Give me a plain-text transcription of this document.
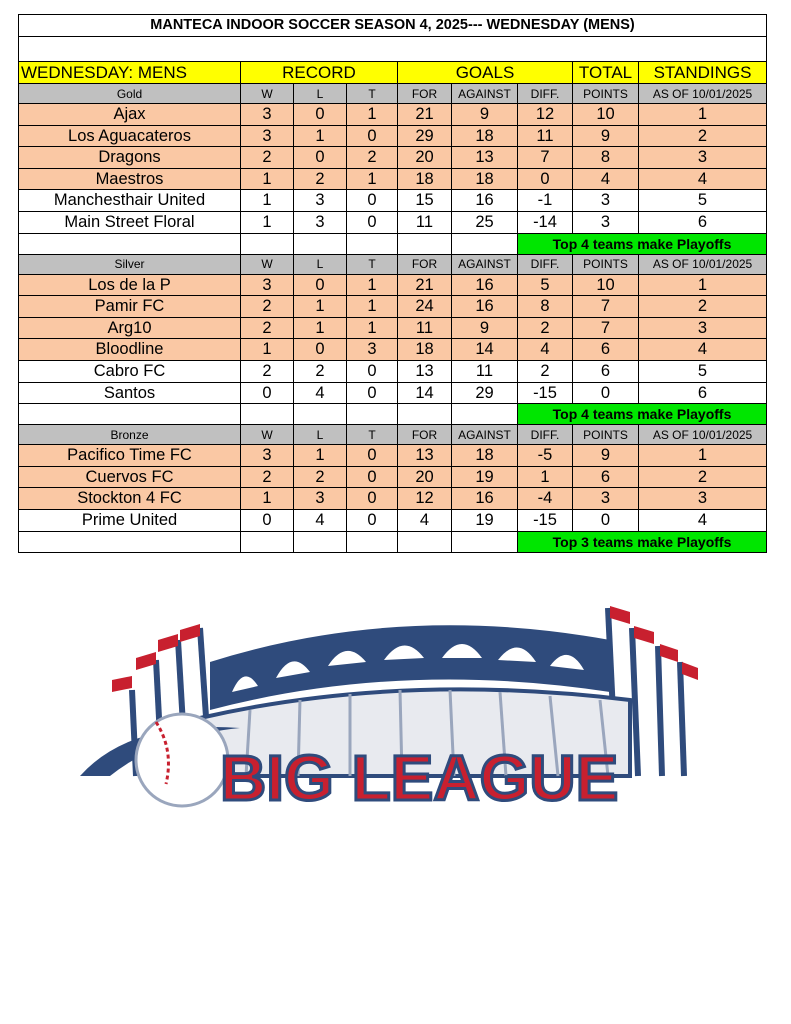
MANTECA INDOOR SOCCER SEASON 4, 2025--- WEDNESDAY (MENS)								

WEDNESDAY: MENS	RECORD			GOALS			TOTAL	STANDINGS
Gold	W	L	T	FOR	AGAINST	DIFF.	POINTS	AS OF 10/01/2025
Ajax	3	0	1	21	9	12	10	1
Los Aguacateros	3	1	0	29	18	11	9	2
Dragons	2	0	2	20	13	7	8	3
Maestros	1	2	1	18	18	0	4	4
Manchesthair United	1	3	0	15	16	-1	3	5
Main Street Floral	1	3	0	11	25	-14	3	6
						Top 4 teams make Playoffs		
Silver	W	L	T	FOR	AGAINST	DIFF.	POINTS	AS OF 10/01/2025
Los de la P	3	0	1	21	16	5	10	1
Pamir FC	2	1	1	24	16	8	7	2
Arg10	2	1	1	11	9	2	7	3
Bloodline	1	0	3	18	14	4	6	4
Cabro FC	2	2	0	13	11	2	6	5
Santos	0	4	0	14	29	-15	0	6
						Top 4 teams make Playoffs		
Bronze	W	L	T	FOR	AGAINST	DIFF.	POINTS	AS OF 10/01/2025
Pacifico Time FC	3	1	0	13	18	-5	9	1
Cuervos FC	2	2	0	20	19	1	6	2
Stockton 4 FC	1	3	0	12	16	-4	3	3
Prime United	0	4	0	4	19	-15	0	4
						Top 3 teams make Playoffs		
BIG LEAGUE
